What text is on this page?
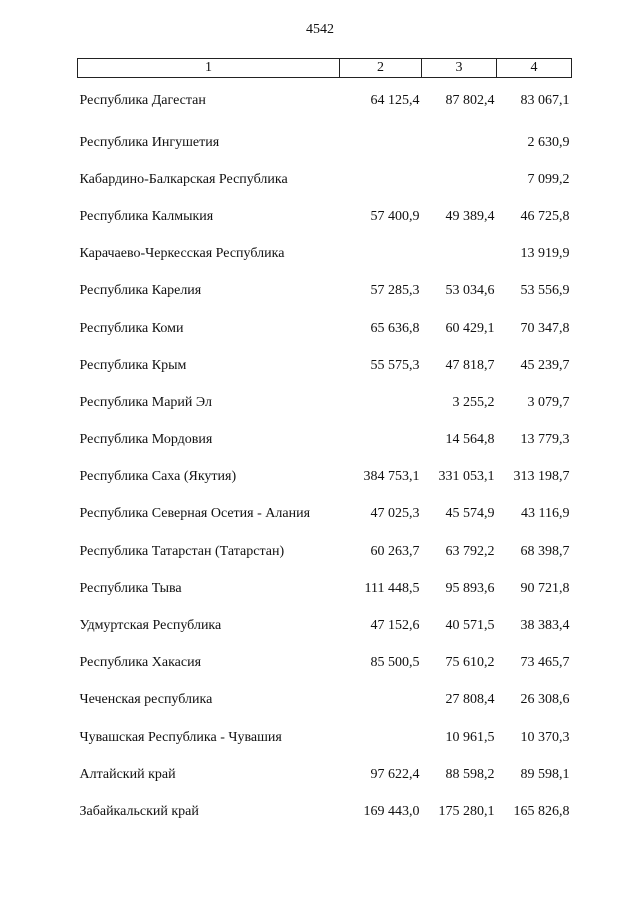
4542
1	2	3	4
Республика Дагестан	64 125,4	87 802,4	83 067,1
Республика Ингушетия			2 630,9
Кабардино-Балкарская Республика			7 099,2
Республика Калмыкия	57 400,9	49 389,4	46 725,8
Карачаево-Черкесская Республика			13 919,9
Республика Карелия	57 285,3	53 034,6	53 556,9
Республика Коми	65 636,8	60 429,1	70 347,8
Республика Крым	55 575,3	47 818,7	45 239,7
Республика Марий Эл		3 255,2	3 079,7
Республика Мордовия		14 564,8	13 779,3
Республика Саха (Якутия)	384 753,1	331 053,1	313 198,7
Республика Северная Осетия - Алания	47 025,3	45 574,9	43 116,9
Республика Татарстан (Татарстан)	60 263,7	63 792,2	68 398,7
Республика Тыва	111 448,5	95 893,6	90 721,8
Удмуртская Республика	47 152,6	40 571,5	38 383,4
Республика Хакасия	85 500,5	75 610,2	73 465,7
Чеченская республика		27 808,4	26 308,6
Чувашская Республика - Чувашия		10 961,5	10 370,3
Алтайский край	97 622,4	88 598,2	89 598,1
Забайкальский край	169 443,0	175 280,1	165 826,8
